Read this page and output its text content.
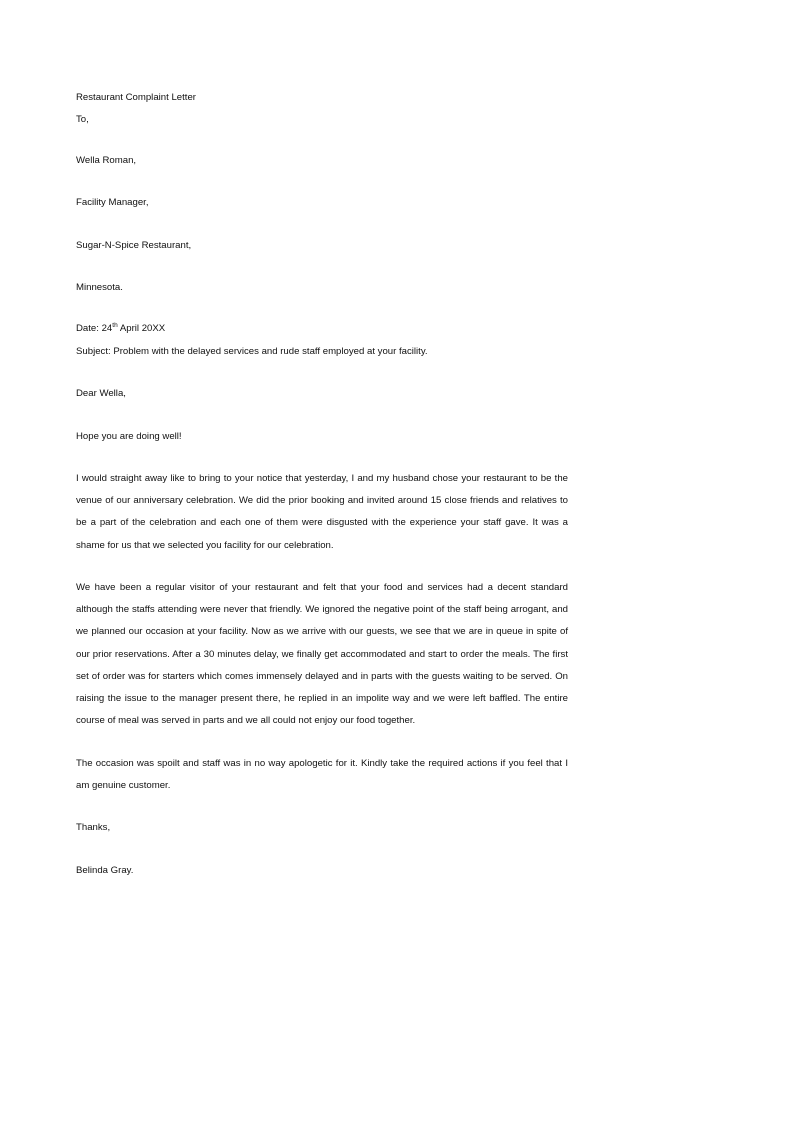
Restaurant Complaint Letter
To,
Wella Roman,
Facility Manager,
Sugar-N-Spice Restaurant,
Minnesota.
Date: 24th April 20XX
Subject: Problem with the delayed services and rude staff employed at your facility.
Dear Wella,
Hope you are doing well!

I would straight away like to bring to your notice that yesterday, I and my husband chose your restaurant to be the venue of our anniversary celebration. We did the prior booking and invited around 15 close friends and relatives to be a part of the celebration and each one of them were disgusted with the experience your staff gave. It was a shame for us that we selected you facility for our celebration.

We have been a regular visitor of your restaurant and felt that your food and services had a decent standard although the staffs attending were never that friendly. We ignored the negative point of the staff being arrogant, and we planned our occasion at your facility. Now as we arrive with our guests, we see that we are in queue in spite of our prior reservations. After a 30 minutes delay, we finally get accommodated and start to order the meals. The first set of order was for starters which comes immensely delayed and in parts with the guests waiting to be served. On raising the issue to the manager present there, he replied in an impolite way and we were left baffled. The entire course of meal was served in parts and we all could not enjoy our food together.

The occasion was spoilt and staff was in no way apologetic for it. Kindly take the required actions if you feel that I am genuine customer.

Thanks,
Belinda Gray.
